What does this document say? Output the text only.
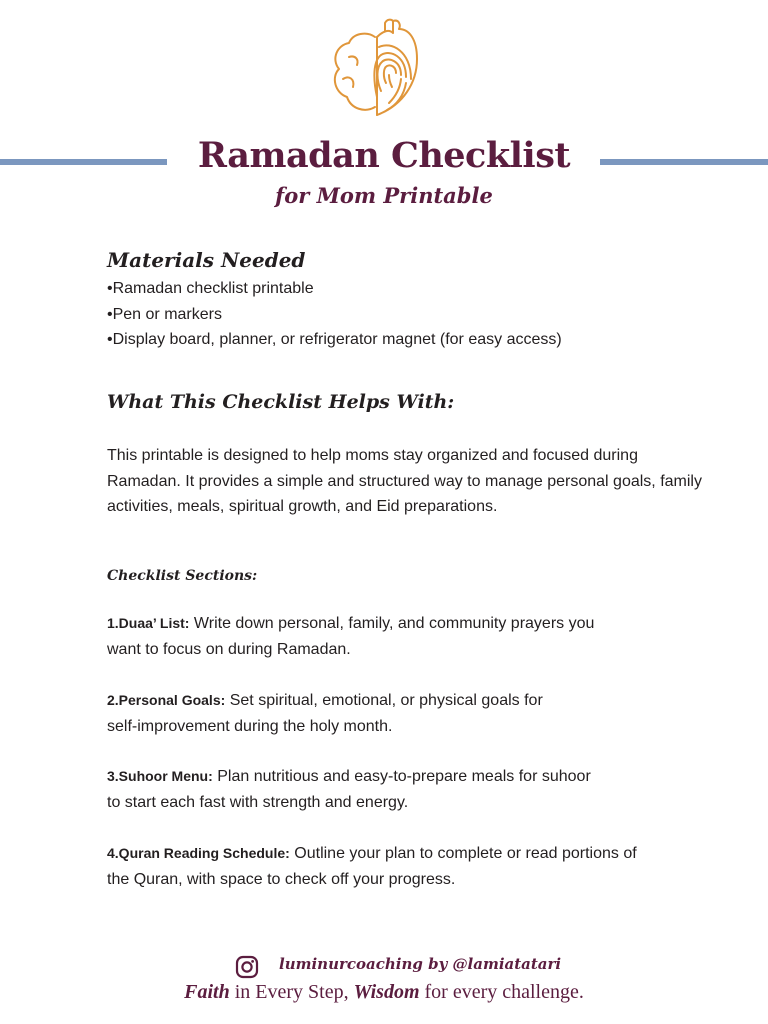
Ramadan Checklist
for Mom Printable
Materials Needed
•Ramadan checklist printable
•Pen or markers
•Display board, planner, or refrigerator magnet (for easy access)
What This Checklist Helps With:
This printable is designed to help moms stay organized and focused during Ramadan. It provides a simple and structured way to manage personal goals, family activities, meals, spiritual growth, and Eid preparations.
Checklist Sections:
1.Duaa’ List: Write down personal, family, and community prayers you
want to focus on during Ramadan.
2.Personal Goals: Set spiritual, emotional, or physical goals for
self-improvement during the holy month.
3.Suhoor Menu: Plan nutritious and easy-to-prepare meals for suhoor
to start each fast with strength and energy.
4.Quran Reading Schedule: Outline your plan to complete or read portions of
the Quran, with space to check off your progress.
luminurcoaching by @lamiatatari
Faith in Every Step, Wisdom for every challenge.
